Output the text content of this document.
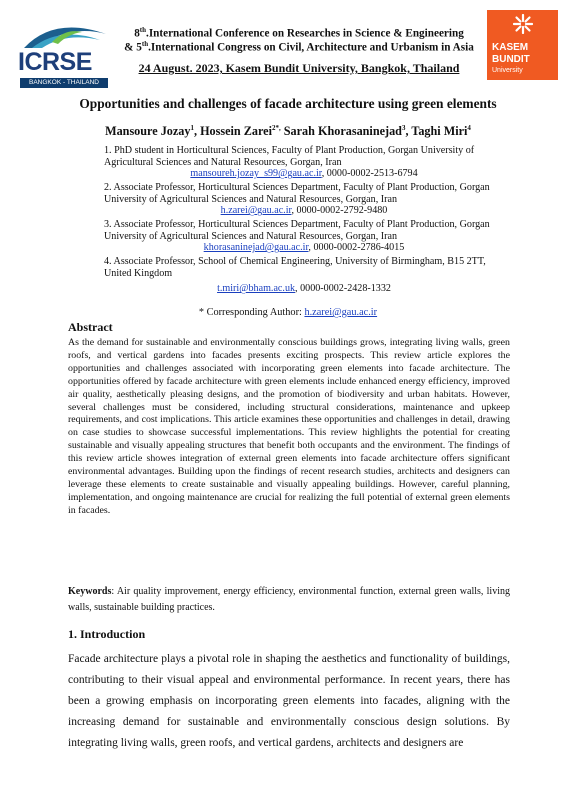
ICRSE
BANGKOK - THAILAND
8th.International Conference on Researches in Science & Engineering
& 5th.International Congress on Civil, Architecture and Urbanism in Asia
24 August. 2023, Kasem Bundit University, Bangkok, Thailand
KASEM
BUNDIT
University
Opportunities and challenges of facade architecture using green elements
Mansoure Jozay$^1$, Hossein Zarei$^{2*,}$ Sarah Khorasaninejad$^3$, Taghi Miri$^4$
1. PhD student in Horticultural Sciences, Faculty of Plant Production, Gorgan University of Agricultural Sciences and Natural Resources, Gorgan, Iran
mansoureh.jozay_s99@gau.ac.ir, 0000-0002-2513-6794
2. Associate Professor, Horticultural Sciences Department, Faculty of Plant Production, Gorgan University of Agricultural Sciences and Natural Resources, Gorgan, Iran
h.zarei@gau.ac.ir, 0000-0002-2792-9480
3. Associate Professor, Horticultural Sciences Department, Faculty of Plant Production, Gorgan University of Agricultural Sciences and Natural Resources, Gorgan, Iran
khorasaninejad@gau.ac.ir, 0000-0002-2786-4015
4. Associate Professor, School of Chemical Engineering, University of Birmingham, B15 2TT, United Kingdom
t.miri@bham.ac.uk, 0000-0002-2428-1332
* Corresponding Author: h.zarei@gau.ac.ir
Abstract
As the demand for sustainable and environmentally conscious buildings grows, integrating living walls, green roofs, and vertical gardens into facades presents exciting prospects. This review article explores the opportunities and challenges associated with incorporating green elements into facade architecture. The opportunities offered by facade architecture with green elements include enhanced energy efficiency, improved air quality, aesthetically pleasing designs, and the promotion of biodiversity and urban habitats. However, several challenges must be considered, including structural considerations, maintenance and upkeep requirements, and cost implications. This article examines these opportunities and challenges in detail, drawing on case studies to showcase successful implementations. This review highlights the potential for creating sustainable and visually appealing structures that benefit both occupants and the environment. The findings of this review article showes integration of external green elements into facade architecture offers significant environmental advantages. Building upon the findings of recent research studies, architects and designers can leverage these elements to create sustainable and visually appealing buildings. However, careful planning, implementation, and ongoing maintenance are crucial for realizing the full potential of external green elements in facades.
Keywords: Air quality improvement, energy efficiency, environmental function, external green walls, living walls, sustainable building practices.
1. Introduction
Facade architecture plays a pivotal role in shaping the aesthetics and functionality of buildings, contributing to their visual appeal and environmental performance. In recent years, there has been a growing emphasis on incorporating green elements into facades, aligning with the increasing demand for sustainable and environmentally conscious design solutions. By integrating living walls, green roofs, and vertical gardens, architects and designers are
